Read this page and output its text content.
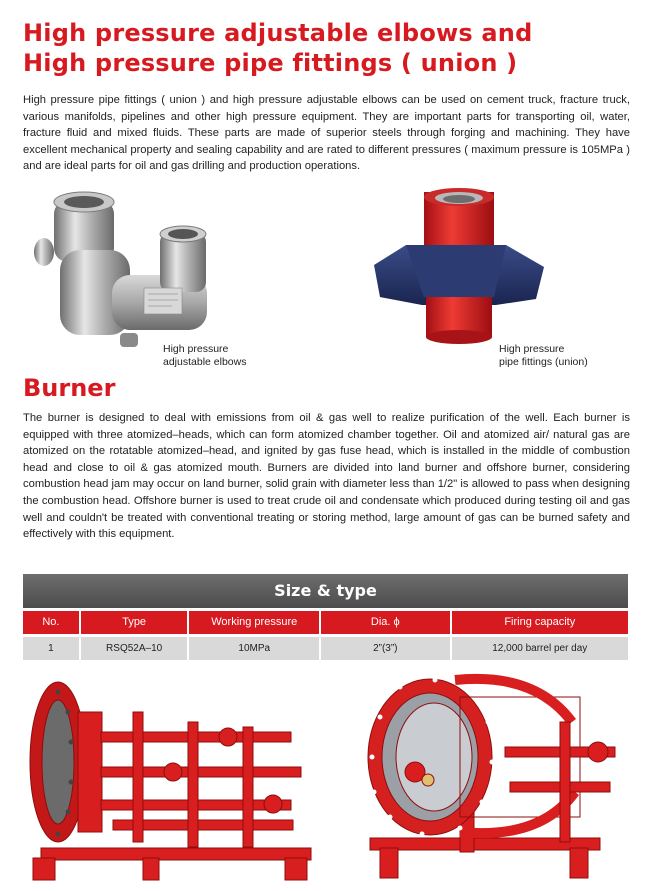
High pressure adjustable elbows and
High pressure pipe fittings ( union )

High pressure pipe fittings ( union ) and high pressure adjustable elbows can be used on cement truck, fracture truck, various manifolds, pipelines and other high pressure equipment. They are important parts for transporting oil, water, fracture fluid and mixed fluids. These parts are made of superior steels through forging and machining. They have excellent mechanical property and sealing capability and are rated to different pressures ( maximum pressure is 105MPa ) and are ideal parts for oil and gas drilling and production operations.

High pressure
adjustable elbows
High pressure
pipe fittings (union)
Burner

The burner is designed to deal with emissions from oil & gas well to realize purification of the well. Each burner is equipped with three atomized–heads, which can form atomized chamber together. Oil and atomized air/ natural gas are atomized on the rotatable atomized–head, and ignited by gas fuse head, which is installed in the middle of combustion head and close to oil & gas atomized mouth. Burners are divided into land burner and offshore burner, considering combustion head jam may occur on land burner, solid grain with diameter less than 1/2" is allowed to pass when designing the combustion head. Offshore burner is used to treat crude oil and condensate which produced during testing oil and gas well and couldn't be treated with conventional treating or storing method, large amount of gas can be burned safety and effectively with this equipment.

Size & type
No.	Type	Working pressure	Dia. ϕ	Firing capacity
1	RSQ52A–10	10MPa	2”(3”)	12,000 barrel per day
